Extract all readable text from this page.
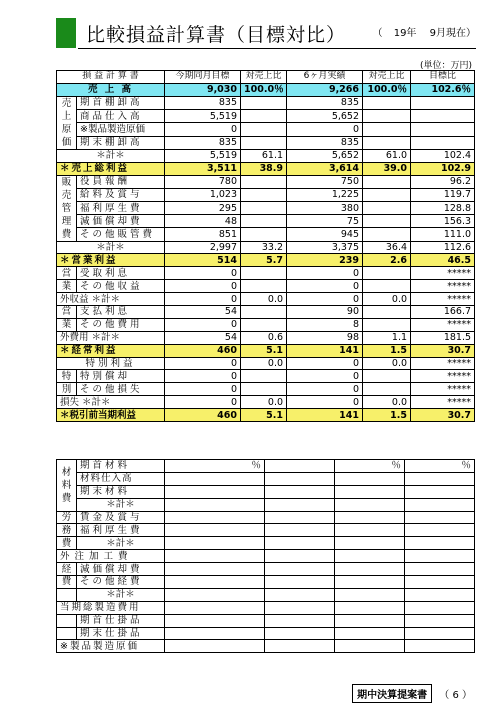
比較損益計算書（目標対比）	（ 19年 9月現在）
(単位：万円)
損 益 計 算 書		今期同月目標	対売上比	6ヶ月実績	対売上比	目標比
売 上 高		9,030	100.0％	9,266	100.0％	102.6％
売上原価	期首棚卸高	835		835		
	商品仕入高	5,519		5,652		
	※製品製造原価	0		0		
	期末棚卸高	835		835		
＊計＊		5,519	61.1	5,652	61.0	102.4
＊売上総利益		3,511	38.9	3,614	39.0	102.9
販売管理費	役員報酬	780		750		96.2
	給料及賞与	1,023		1,225		119.7
	福利厚生費	295		380		128.8
	減価償却費	48		75		156.3
	その他販管費	851		945		111.0
＊計＊		2,997	33.2	3,375	36.4	112.6
＊営業利益		514	5.7	239	2.6	46.5
営	受取利息	0		0		*****
業	その他収益	0		0		*****
外収益 ＊計＊		0	0.0	0	0.0	*****
営	支払利息	54		90		166.7
業	その他費用	0		8		*****
外費用 ＊計＊		54	0.6	98	1.1	181.5
＊経常利益		460	5.1	141	1.5	30.7
特別利益		0	0.0	0	0.0	*****
特	特別償却	0		0		*****
別	その他損失	0		0		*****
損失 ＊計＊		0	0.0	0	0.0	*****
＊税引前当期利益		460	5.1	141	1.5	30.7
材料費	期首材料	％		％	％
	材料仕入高				
	期末材料				
	＊計＊				
労	賃金及賞与				
務	福利厚生費				
費	＊計＊				
外注加工費					
経	減価償却費				
費	その他経費				
	＊計＊				
当期総製造費用					
	期首仕掛品				
	期末仕掛品				
※製品製造原価					
期中決算提案書 （ 6 ）
